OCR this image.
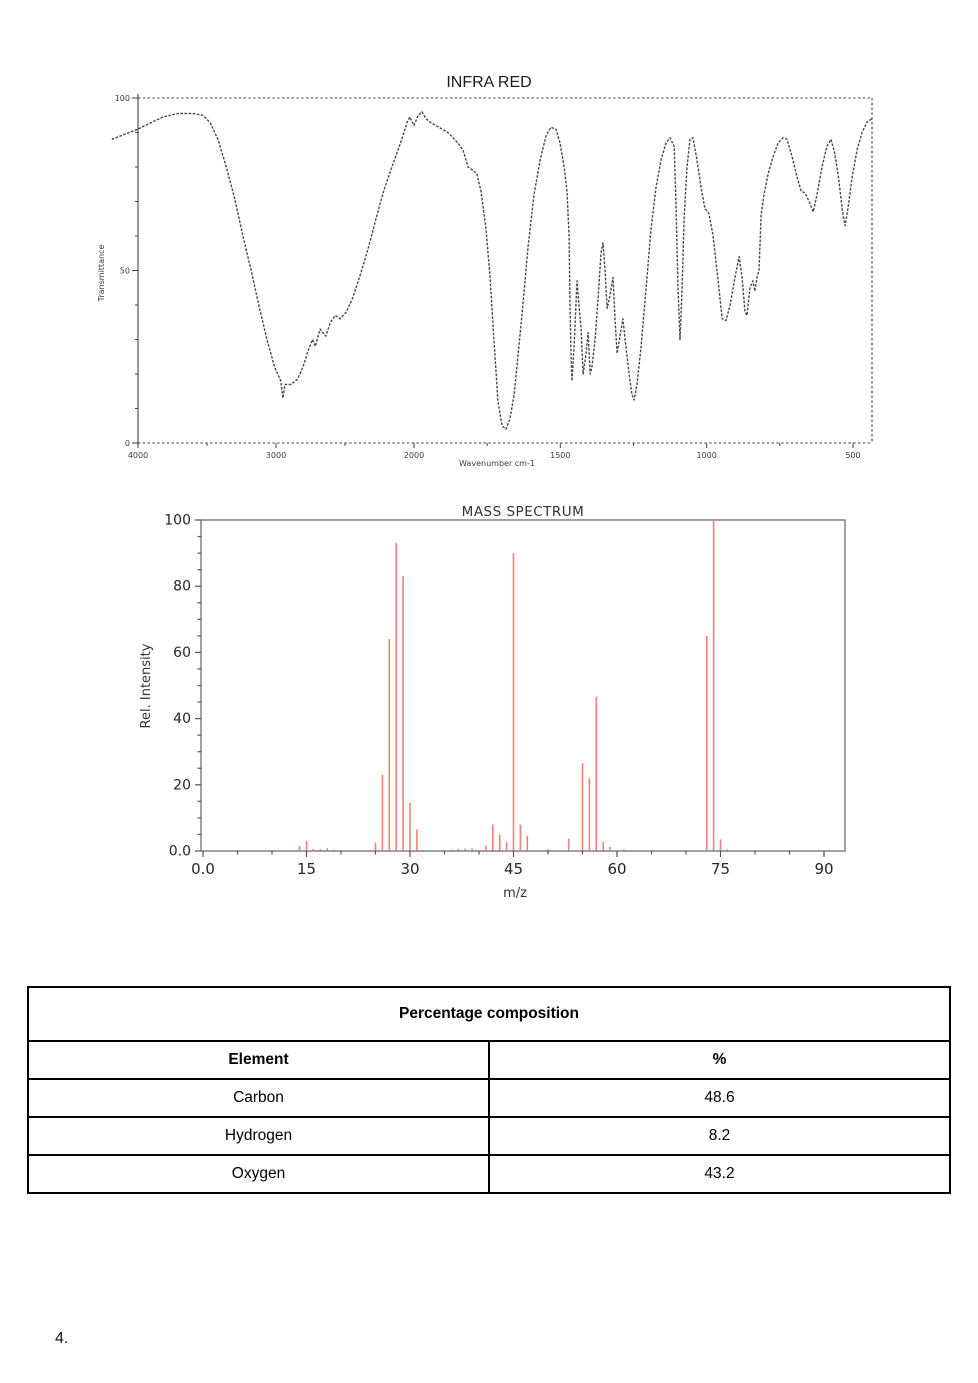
INFRA RED
100
50
0
4000	3000	2000	1500	1000	500
Wavenumber cm-1
Transmittance
MASS SPECTRUM
0.0	15	30	45	60	75	90
0.0
20
40
60
80
100
m/z
Rel. Intensity
Percentage composition	
Element	%
Carbon	48.6
Hydrogen	8.2
Oxygen	43.2
4.
